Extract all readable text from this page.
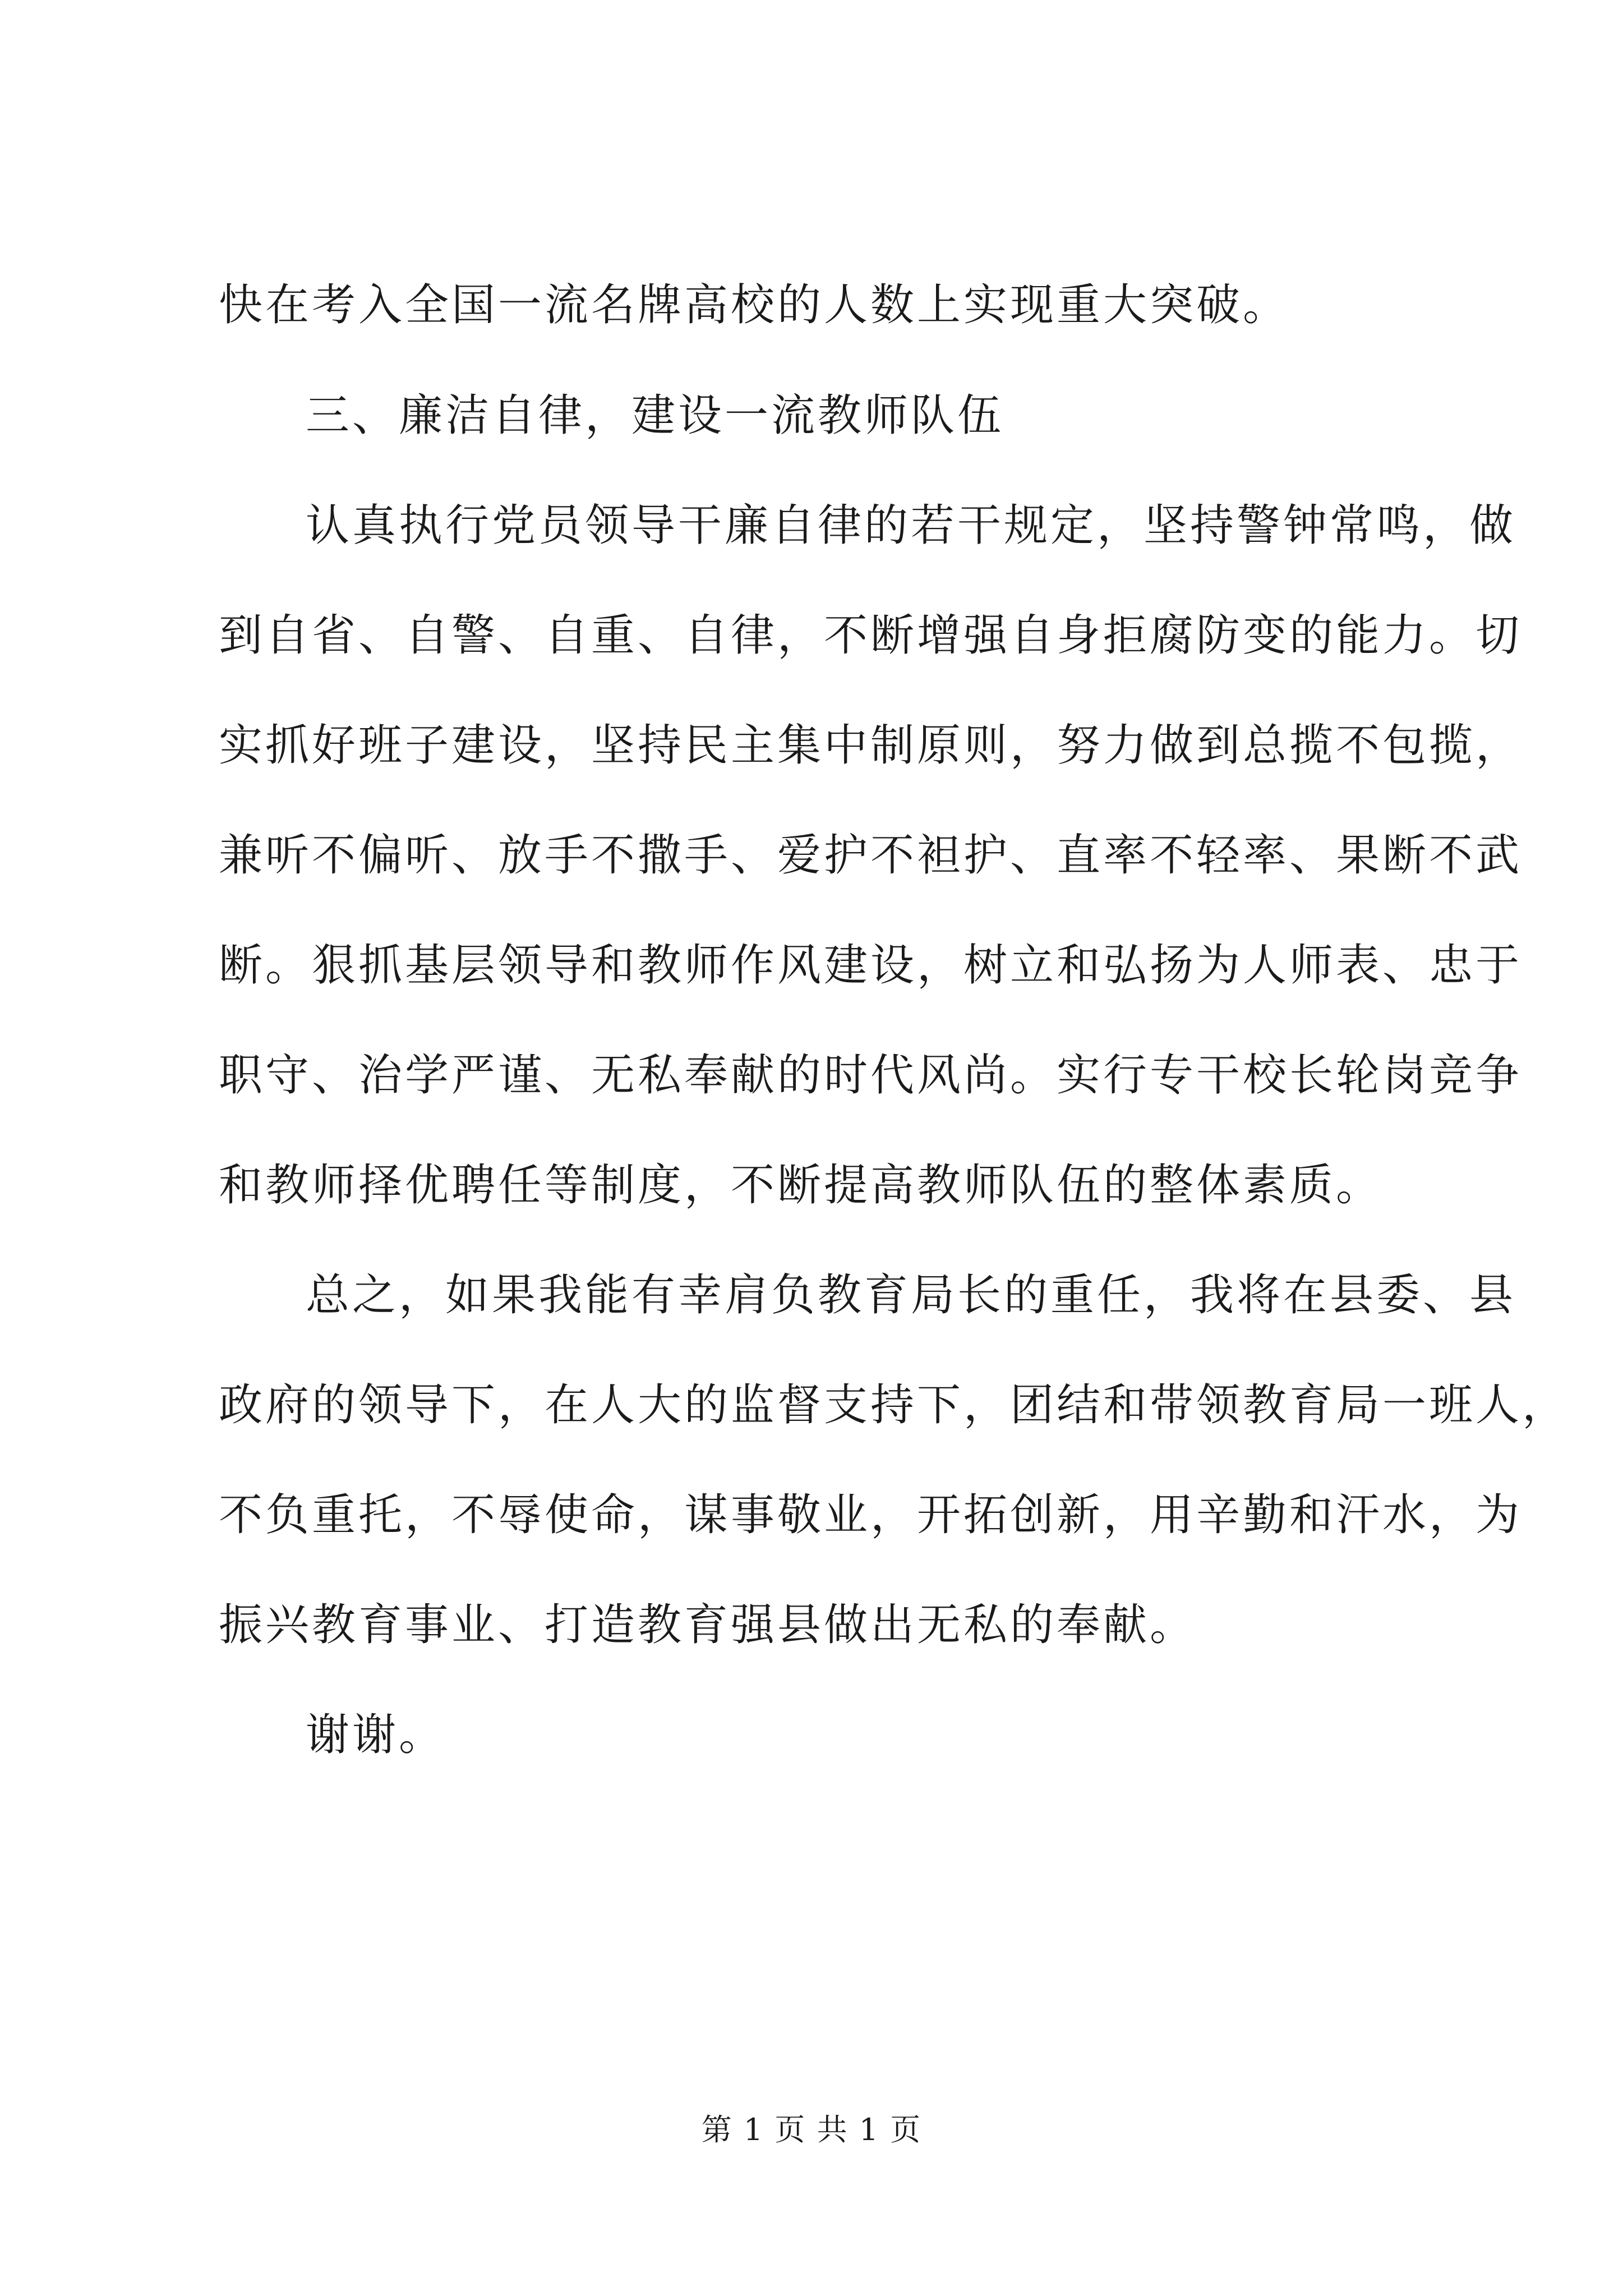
快在考入全国一流名牌高校的人数上实现重大突破。
三、廉洁自律，建设一流教师队伍
认真执行党员领导干廉自律的若干规定，坚持警钟常鸣，做
到自省、自警、自重、自律，不断增强自身拒腐防变的能力。切
实抓好班子建设，坚持民主集中制原则，努力做到总揽不包揽，
兼听不偏听、放手不撒手、爱护不袒护、直率不轻率、果断不武
断。狠抓基层领导和教师作风建设，树立和弘扬为人师表、忠于
职守、治学严谨、无私奉献的时代风尚。实行专干校长轮岗竞争
和教师择优聘任等制度，不断提高教师队伍的整体素质。
总之，如果我能有幸肩负教育局长的重任，我将在县委、县
政府的领导下，在人大的监督支持下，团结和带领教育局一班人，
不负重托，不辱使命，谋事敬业，开拓创新，用辛勤和汗水，为
振兴教育事业、打造教育强县做出无私的奉献。
谢谢。
第 1 页 共 1 页
